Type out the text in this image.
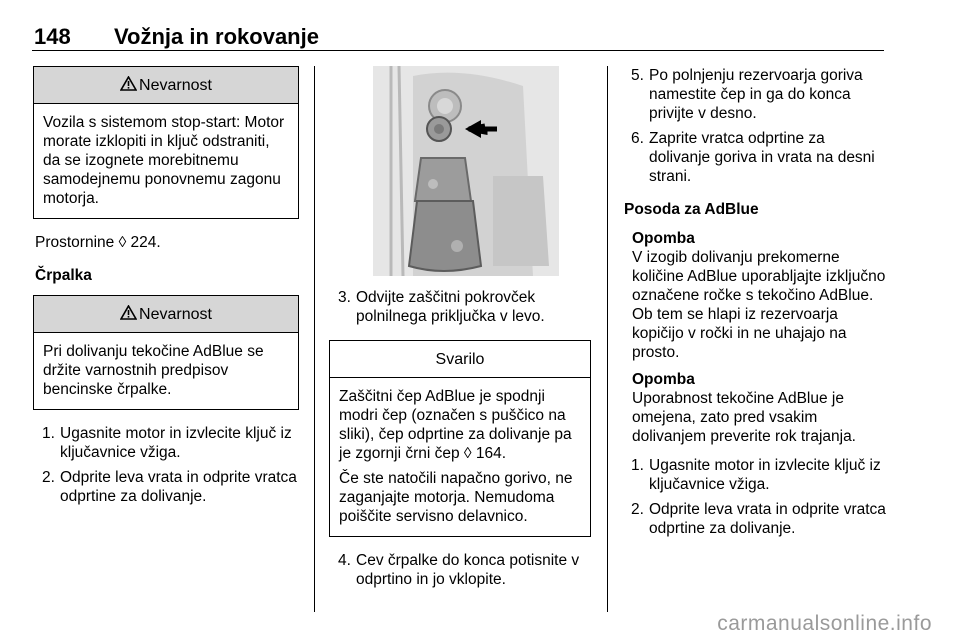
148 Vožnja in rokovanje
Nevarnost

Vozila s sistemom stop-start: Motor morate izklopiti in ključ odstraniti, da se izognete morebitnemu samodejnemu ponovnemu zagonu motorja.

Prostornine ◊ 224.

Črpalka
Nevarnost

Pri dolivanju tekočine AdBlue se držite varnostnih predpisov bencinske črpalke.

1. Ugasnite motor in izvlecite ključ iz ključavnice vžiga.
2. Odprite leva vrata in odprite vratca odprtine za dolivanje.
3. Odvijte zaščitni pokrovček polnilnega priključka v levo.
Svarilo

Zaščitni čep AdBlue je spodnji modri čep (označen s puščico na sliki), čep odprtine za dolivanje pa je zgornji črni čep ◊ 164.

Če ste natočili napačno gorivo, ne zaganjajte motorja. Nemudoma poiščite servisno delavnico.

4. Cev črpalke do konca potisnite v odprtino in jo vklopite.
5. Po polnjenju rezervoarja goriva namestite čep in ga do konca privijte v desno.
6. Zaprite vratca odprtine za dolivanje goriva in vrata na desni strani.
Posoda za AdBlue
Opomba
V izogib dolivanju prekomerne količine AdBlue uporabljajte izključno označene ročke s tekočino AdBlue. Ob tem se hlapi iz rezervoarja kopičijo v ročki in ne uhajajo na prosto.
Opomba
Uporabnost tekočine AdBlue je omejena, zato pred vsakim dolivanjem preverite rok trajanja.
1. Ugasnite motor in izvlecite ključ iz ključavnice vžiga.
2. Odprite leva vrata in odprite vratca odprtine za dolivanje.
carmanualsonline.info
